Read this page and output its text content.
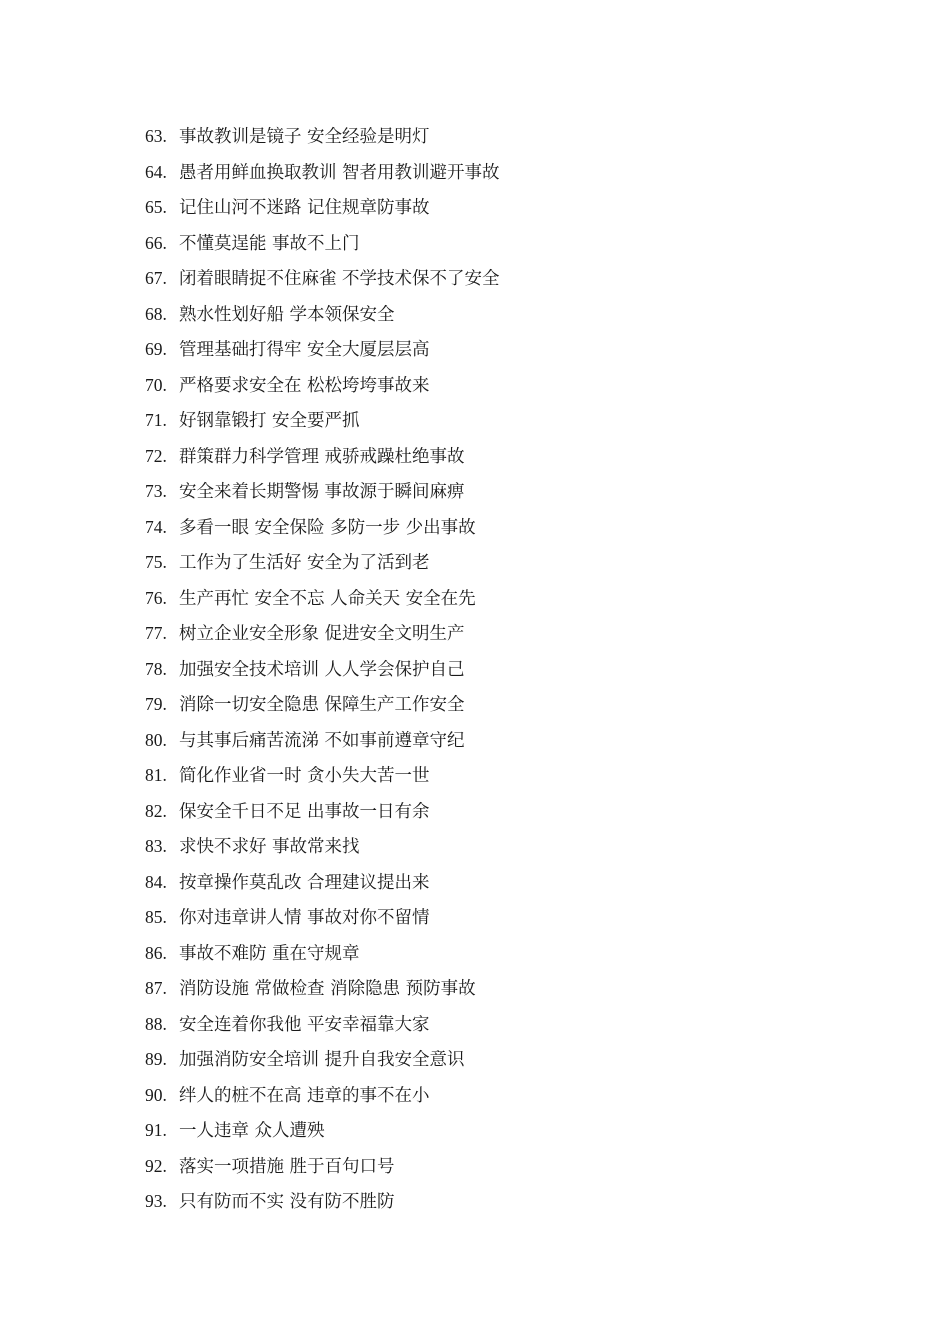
63. 事故教训是镜子 安全经验是明灯
64. 愚者用鲜血换取教训 智者用教训避开事故
65. 记住山河不迷路 记住规章防事故
66. 不懂莫逞能 事故不上门
67. 闭着眼睛捉不住麻雀 不学技术保不了安全
68. 熟水性划好船 学本领保安全
69. 管理基础打得牢 安全大厦层层高
70. 严格要求安全在 松松垮垮事故来
71. 好钢靠锻打 安全要严抓
72. 群策群力科学管理 戒骄戒躁杜绝事故
73. 安全来着长期警惕 事故源于瞬间麻痹
74. 多看一眼 安全保险 多防一步 少出事故
75. 工作为了生活好 安全为了活到老
76. 生产再忙 安全不忘 人命关天 安全在先
77. 树立企业安全形象 促进安全文明生产
78. 加强安全技术培训 人人学会保护自己
79. 消除一切安全隐患 保障生产工作安全
80. 与其事后痛苦流涕 不如事前遵章守纪
81. 简化作业省一时 贪小失大苦一世
82. 保安全千日不足 出事故一日有余
83. 求快不求好 事故常来找
84. 按章操作莫乱改 合理建议提出来
85. 你对违章讲人情 事故对你不留情
86. 事故不难防 重在守规章
87. 消防设施 常做检查 消除隐患 预防事故
88. 安全连着你我他 平安幸福靠大家
89. 加强消防安全培训 提升自我安全意识
90. 绊人的桩不在高 违章的事不在小
91. 一人违章 众人遭殃
92. 落实一项措施 胜于百句口号
93. 只有防而不实 没有防不胜防
